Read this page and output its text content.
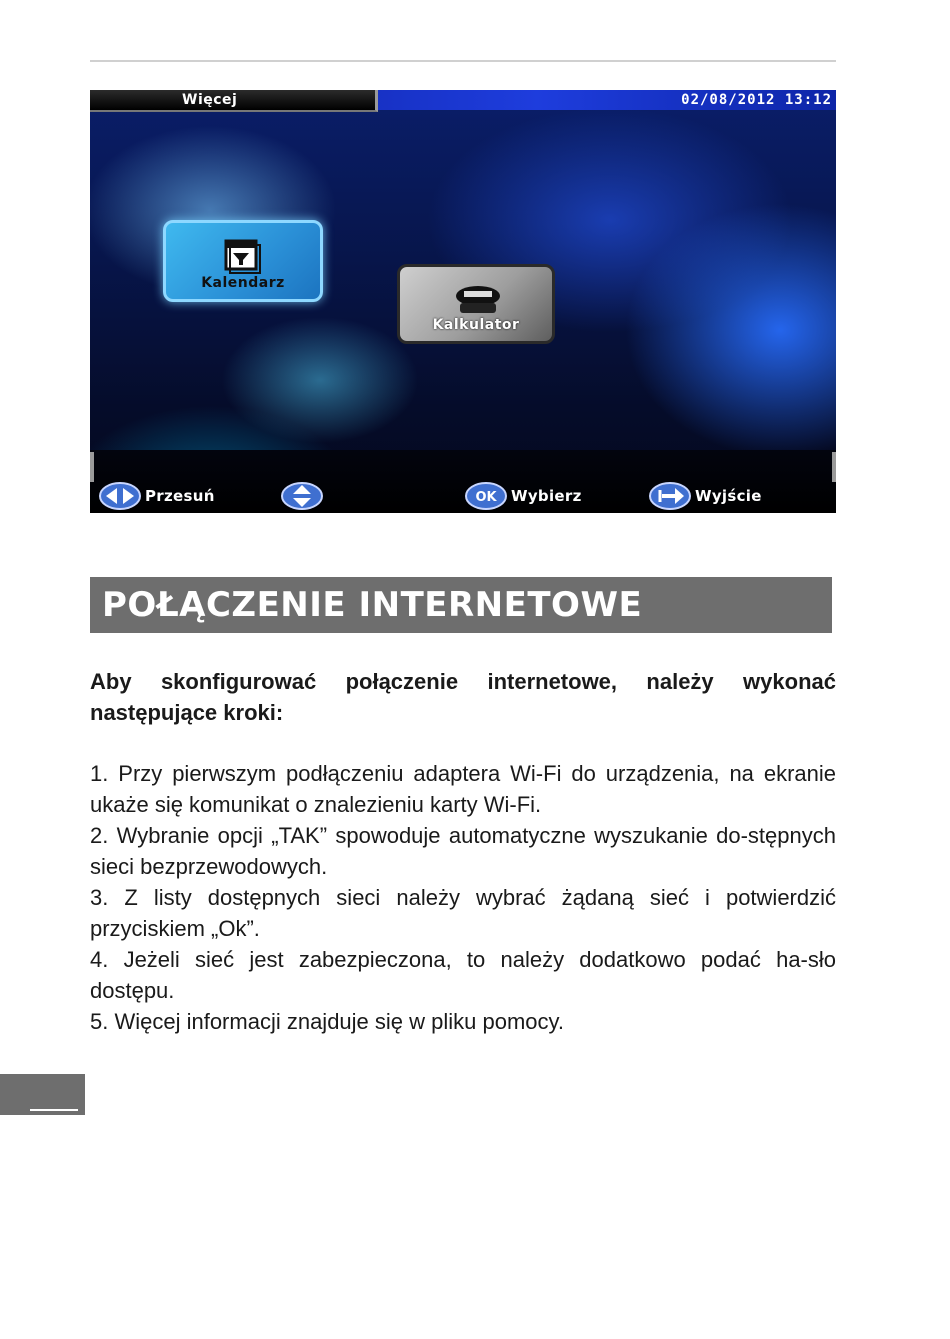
Więcej	02/08/2012 13:12
Kalendarz
Kalkulator
Przesuń	OK Wybierz	Wyjście
POŁĄCZENIE INTERNETOWE

Aby skonfigurować połączenie internetowe, należy wykonać następujące kroki:

1. Przy pierwszym podłączeniu adaptera Wi-Fi do urządzenia, na ekranie ukaże się komunikat o znalezieniu karty Wi-Fi.
2. Wybranie opcji „TAK” spowoduje automatyczne wyszukanie do-stępnych sieci bezprzewodowych.
3. Z listy dostępnych sieci należy wybrać żądaną sieć i potwierdzić przyciskiem „Ok”.
4. Jeżeli sieć jest zabezpieczona, to należy dodatkowo podać ha-sło dostępu.
5. Więcej informacji znajduje się w pliku pomocy.
